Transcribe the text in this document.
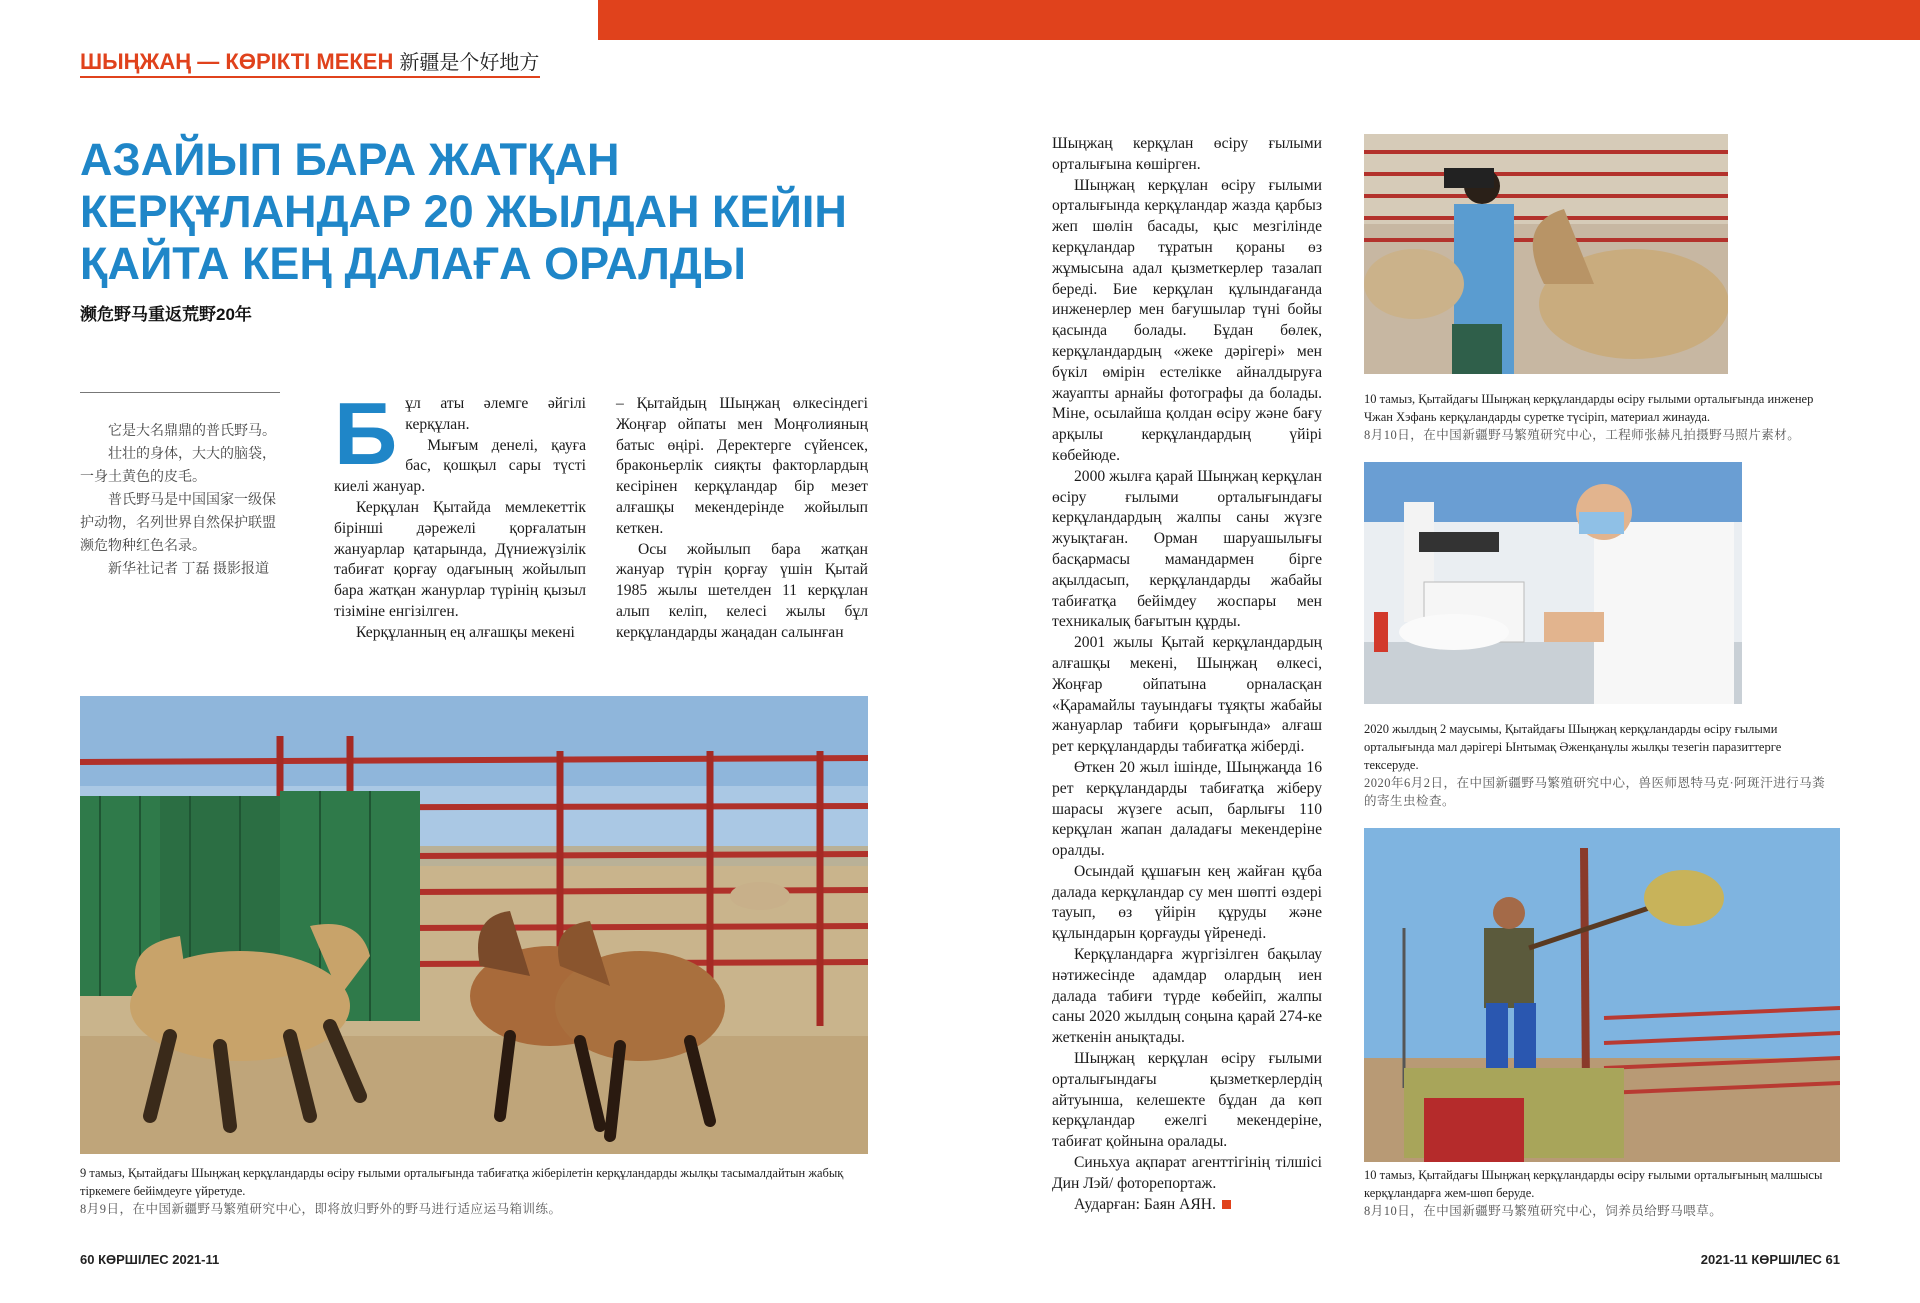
ШЫҢЖАҢ — КӨРІКТІ МЕКЕН 新疆是个好地方
АЗАЙЫП БАРА ЖАТҚАН КЕРҚҰЛАНДАР 20 ЖЫЛДАН КЕЙІН ҚАЙТА КЕҢ ДАЛАҒА ОРАЛДЫ
濒危野马重返荒野20年

它是大名鼎鼎的普氏野马。

壮壮的身体，大大的脑袋，一身土黄色的皮毛。

普氏野马是中国国家一级保护动物，名列世界自然保护联盟濒危物种红色名录。

新华社记者 丁磊 摄影报道

Б ұл аты әлемге әйгілі керқұлан.

Мығым денелі, қауға бас, қошқыл сары түсті киелі жануар.

Керқұлан Қытайда мемлекеттік бірінші дәрежелі қорғалатын жануарлар қатарында, Дүниежүзілік табиғат қорғау одағының жойылып бара жатқан жанурлар түрінің қызыл тізіміне енгізілген.

Керқұланның ең алғашқы мекені

– Қытайдың Шыңжаң өлкесіндегі Жоңғар ойпаты мен Моңғолияның батыс өңірі. Деректерге сүйенсек, браконьерлік сияқты факторлардың кесірінен керқұландар бір мезет алғашқы мекендерінде жойылып кеткен.

Осы жойылып бара жатқан жануар түрін қорғау үшін Қытай 1985 жылы шетелден 11 керқұлан алып келіп, келесі жылы бұл керқұландарды жаңадан салынған

Шыңжаң керқұлан өсіру ғылыми орталығына көшірген.

Шыңжаң керқұлан өсіру ғылыми орталығында керқұландар жазда қарбыз жеп шөлін басады, қыс мезгілінде керқұландар тұратын қораны өз жұмысына адал қызметкерлер тазалап береді. Бие керқұлан құлындағанда инженерлер мен бағушылар түні бойы қасында болады. Бұдан бөлек, керқұландардың «жеке дәрігері» мен бүкіл өмірін естелікке айналдыруға жауапты арнайы фотографы да болады. Міне, осылайша қолдан өсіру және бағу арқылы керқұландардың үйірі көбейюде.

2000 жылға қарай Шыңжаң керқұлан өсіру ғылыми орталығындағы керқұландардың жалпы саны жүзге жуықтаған. Орман шаруашылығы басқармасы мамандармен бірге ақылдасып, керқұландарды жабайы табиғатқа бейімдеу жоспары мен техникалық бағытын құрды.

2001 жылы Қытай керқұландардың алғашқы мекені, Шыңжаң өлкесі, Жоңғар ойпатына орналасқан «Қарамайлы тауындағы тұяқты жабайы жануарлар табиғи қорығында» алғаш рет керқұландарды табиғатқа жіберді.

Өткен 20 жыл ішінде, Шыңжаңда 16 рет керқұландарды табиғатқа жіберу шарасы жүзеге асып, барлығы 110 керқұлан жапан даладағы мекендеріне оралды.

Осындай құшағын кең жайған құба далада керқұландар су мен шөпті өздері тауып, өз үйірін құруды және құлындарын қорғауды үйренеді.

Керқұландарға жүргізілген бақылау нәтижесінде адамдар олардың иен далада табиғи түрде көбейіп, жалпы саны 2020 жылдың соңына қарай 274-ке жеткенін анықтады.

Шыңжаң керқұлан өсіру ғылыми орталығындағы қызметкерлердің айтуынша, келешекте бұдан да көп керқұландар ежелгі мекендеріне, табиғат қойнына оралады.

Синьхуа ақпарат агенттігінің тілшісі Дин Лэй/ фоторепортаж.

Аударған: Баян АЯН.

9 тамыз, Қытайдағы Шыңжаң керқұландарды өсіру ғылыми орталығында табиғатқа жіберілетін керқұландарды жылқы тасымалдайтын жабық тіркемеге бейімдеуге үйретуде.

8月9日，在中国新疆野马繁殖研究中心，即将放归野外的野马进行适应运马箱训练。

10 тамыз, Қытайдағы Шыңжаң керқұландарды өсіру ғылыми орталығында инженер Чжан Хэфань керқұландарды суретке түсіріп, материал жинауда.

8月10日，在中国新疆野马繁殖研究中心，工程师张赫凡拍摄野马照片素材。

2020 жылдың 2 маусымы, Қытайдағы Шыңжаң керқұландарды өсіру ғылыми орталығында мал дәрігері Ынтымақ Әженқанұлы жылқы тезегін паразиттерге тексеруде.

2020年6月2日，在中国新疆野马繁殖研究中心，兽医师恩特马克·阿斑汗进行马粪的寄生虫检查。

10 тамыз, Қытайдағы Шыңжаң керқұландарды өсіру ғылыми орталығының малшысы керқұландарға жем-шөп беруде.

8月10日，在中国新疆野马繁殖研究中心，饲养员给野马喂草。

60 КӨРШІЛЕС 2021-11	2021-11 КӨРШІЛЕС 61
